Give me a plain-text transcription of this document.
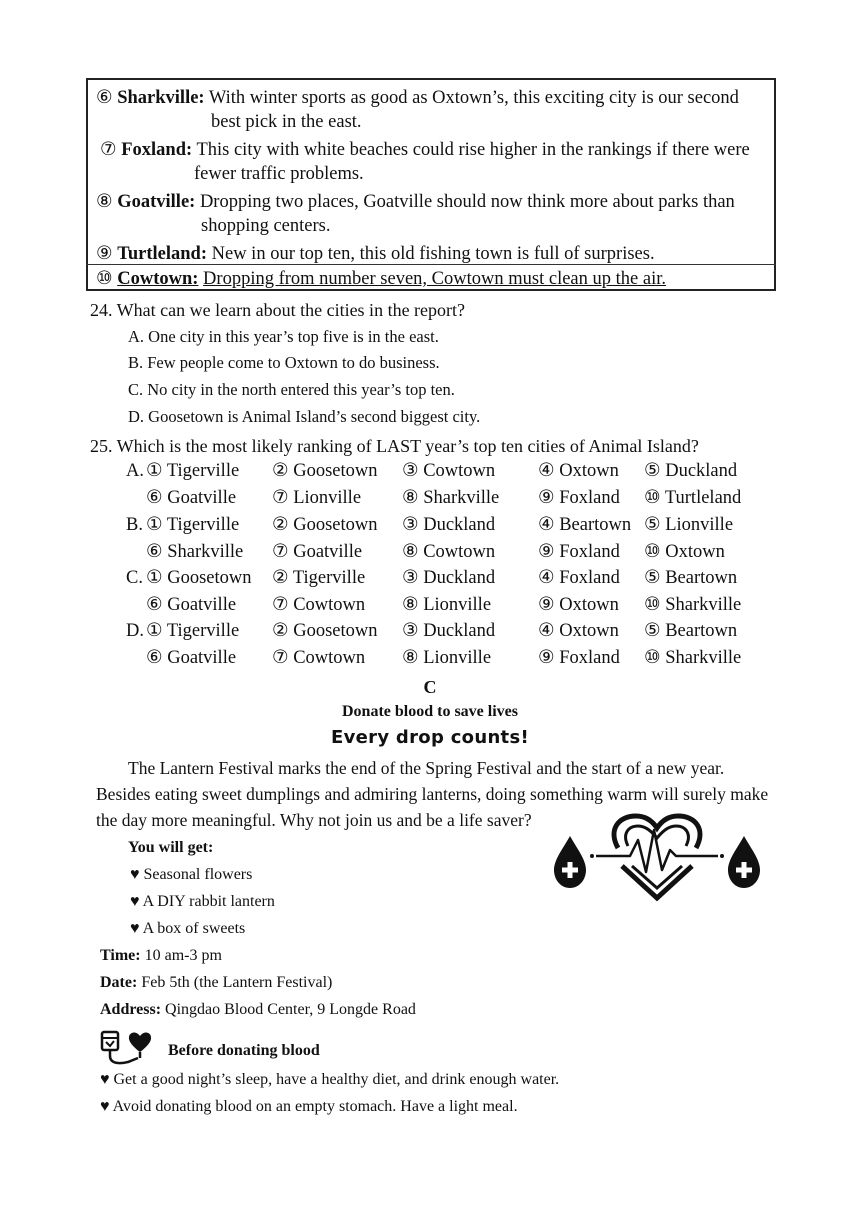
⑥ Sharkville: With winter sports as good as Oxtown’s, this exciting city is our second
best pick in the east.
⑦ Foxland: This city with white beaches could rise higher in the rankings if there were
fewer traffic problems.
⑧ Goatville: Dropping two places, Goatville should now think more about parks than
shopping centers.
⑨ Turtleland: New in our top ten, this old fishing town is full of surprises.
⑩ Cowtown: Dropping from number seven, Cowtown must clean up the air.
24. What can we learn about the cities in the report?
A. One city in this year’s top five is in the east.
B. Few people come to Oxtown to do business.
C. No city in the north entered this year’s top ten.
D. Goosetown is Animal Island’s second biggest city.
25. Which is the most likely ranking of LAST year’s top ten cities of Animal Island?
A. ① Tigerville ② Goosetown ③ Cowtown ④ Oxtown ⑤ Duckland
⑥ Goatville ⑦ Lionville ⑧ Sharkville ⑨ Foxland ⑩ Turtleland
B. ① Tigerville ② Goosetown ③ Duckland ④ Beartown ⑤ Lionville
⑥ Sharkville ⑦ Goatville ⑧ Cowtown ⑨ Foxland ⑩ Oxtown
C. ① Goosetown ② Tigerville ③ Duckland ④ Foxland ⑤ Beartown
⑥ Goatville ⑦ Cowtown ⑧ Lionville	⑨ Oxtown ⑩ Sharkville
D. ① Tigerville ② Goosetown ③ Duckland ④ Oxtown ⑤ Beartown
⑥ Goatville ⑦ Cowtown ⑧ Lionville	⑨ Foxland ⑩ Sharkville
C
Donate blood to save lives
Every drop counts!
The Lantern Festival marks the end of the Spring Festival and the start of a new year.
Besides eating sweet dumplings and admiring lanterns, doing something warm will surely make
the day more meaningful. Why not join us and be a life saver?
You will get:
♥ Seasonal flowers
♥ A DIY rabbit lantern
♥ A box of sweets
Time: 10 am-3 pm
Date: Feb 5th (the Lantern Festival)
Address: Qingdao Blood Center, 9 Longde Road
Before donating blood
♥ Get a good night’s sleep, have a healthy diet, and drink enough water.
♥ Avoid donating blood on an empty stomach. Have a light meal.
